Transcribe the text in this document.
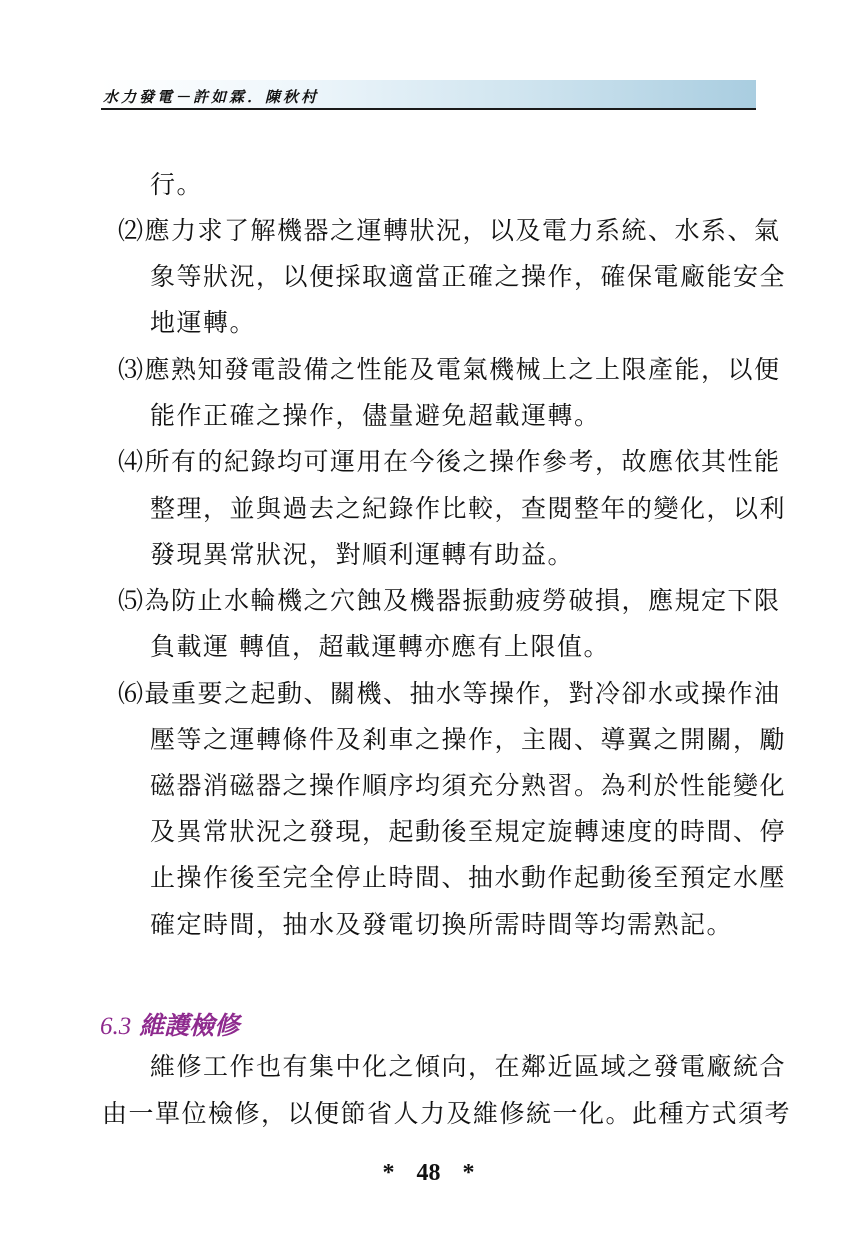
水力發電－許如霖．陳秋村
行。
⑵應力求了解機器之運轉狀況，以及電力系統、水系、氣
象等狀況，以便採取適當正確之操作，確保電廠能安全
地運轉。
⑶應熟知發電設備之性能及電氣機械上之上限產能，以便
能作正確之操作，儘量避免超載運轉。
⑷所有的紀錄均可運用在今後之操作參考，故應依其性能
整理，並與過去之紀錄作比較，查閱整年的變化，以利
發現異常狀況，對順利運轉有助益。
⑸為防止水輪機之穴蝕及機器振動疲勞破損，應規定下限
負載運 轉值，超載運轉亦應有上限值。
⑹最重要之起動、關機、抽水等操作，對冷卻水或操作油
壓等之運轉條件及剎車之操作，主閥、導翼之開關，勵
磁器消磁器之操作順序均須充分熟習。為利於性能變化
及異常狀況之發現，起動後至規定旋轉速度的時間、停
止操作後至完全停止時間、抽水動作起動後至預定水壓
確定時間，抽水及發電切換所需時間等均需熟記。
6.3 維護檢修
維修工作也有集中化之傾向，在鄰近區域之發電廠統合
由一單位檢修，以便節省人力及維修統一化。此種方式須考
* 48 *
